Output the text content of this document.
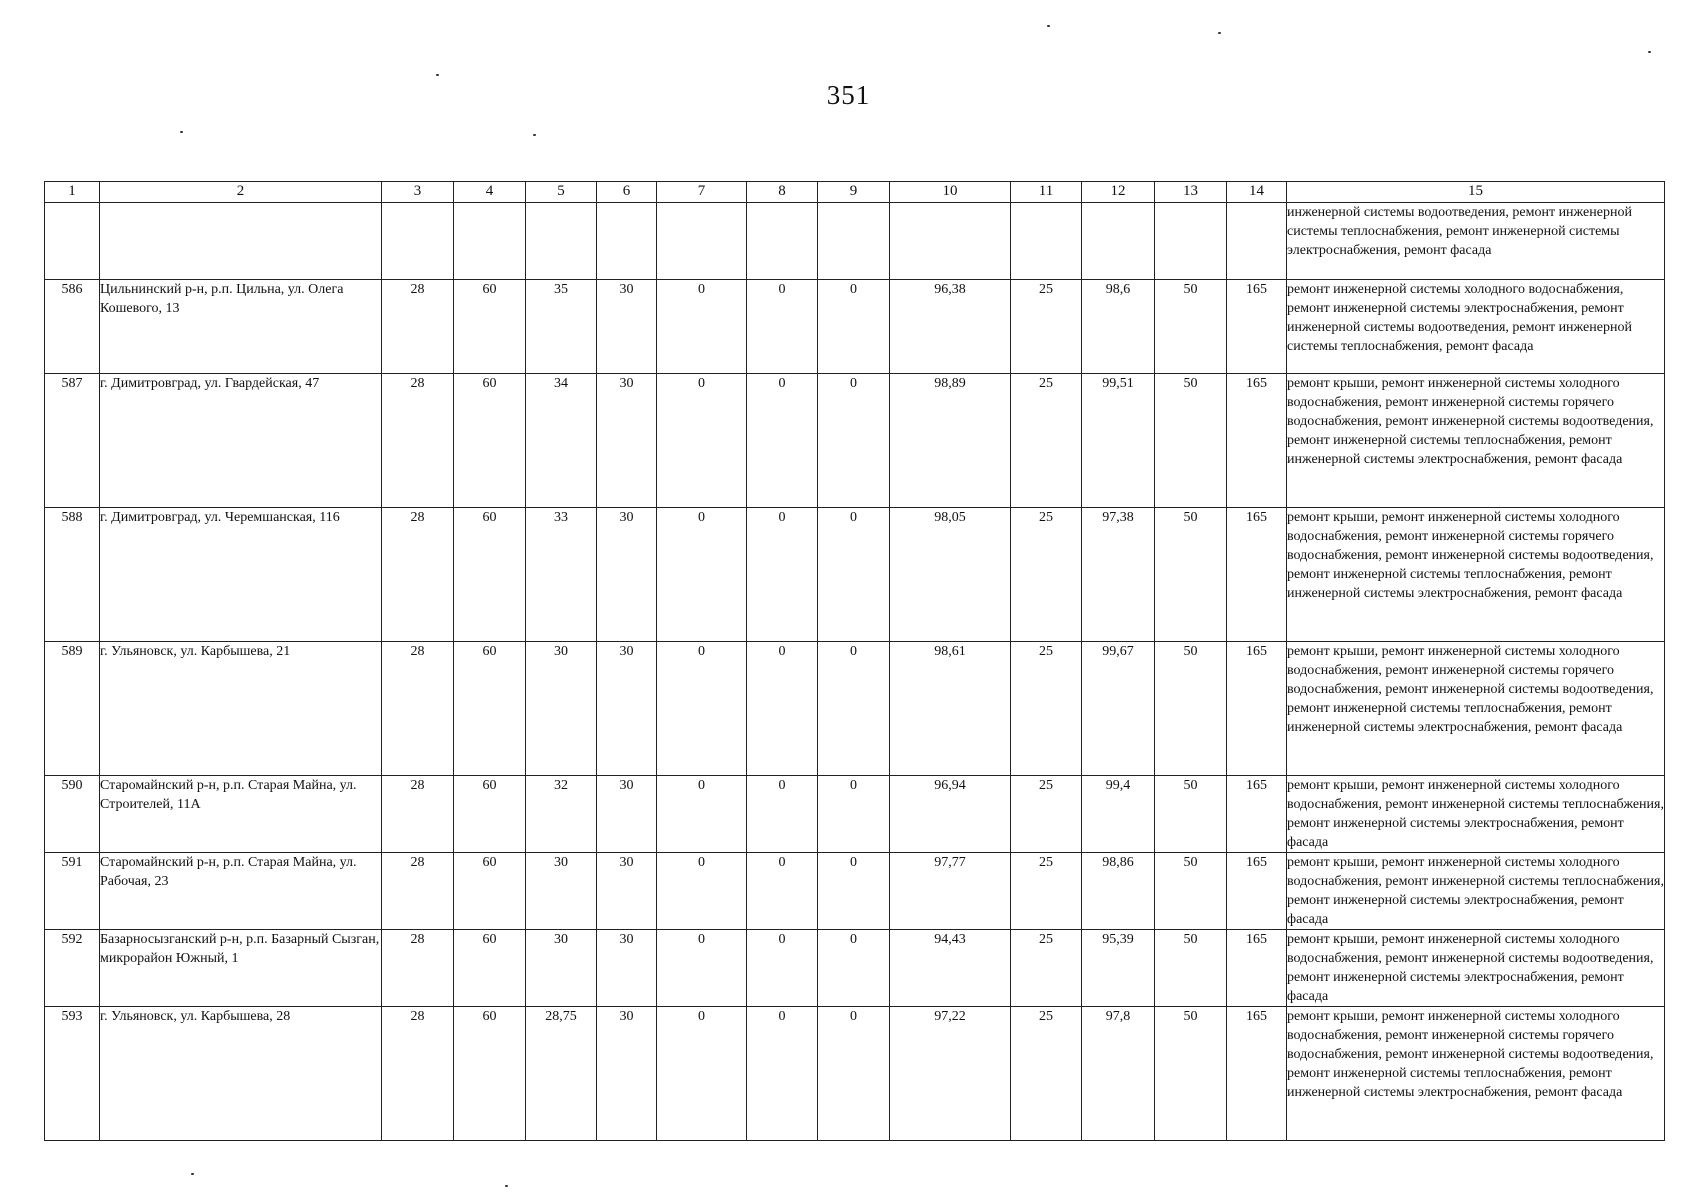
351
1	2	3	4	5	6	7	8	9	10	11	12	13	14	15
														инженерной системы водоотведения, ремонт инженерной системы теплоснабжения, ремонт инженерной системы электроснабжения, ремонт фасада
586	Цильнинский р-н, р.п. Цильна, ул. Олега Кошевого, 13	28	60	35	30	0	0	0	96,38	25	98,6	50	165	ремонт инженерной системы холодного водоснабжения, ремонт инженерной системы электроснабжения, ремонт инженерной системы водоотведения, ремонт инженерной системы теплоснабжения, ремонт фасада
587	г. Димитровград, ул. Гвардейская, 47	28	60	34	30	0	0	0	98,89	25	99,51	50	165	ремонт крыши, ремонт инженерной системы холодного водоснабжения, ремонт инженерной системы горячего водоснабжения, ремонт инженерной системы водоотведения, ремонт инженерной системы теплоснабжения, ремонт инженерной системы электроснабжения, ремонт фасада
588	г. Димитровград, ул. Черемшанская, 116	28	60	33	30	0	0	0	98,05	25	97,38	50	165	ремонт крыши, ремонт инженерной системы холодного водоснабжения, ремонт инженерной системы горячего водоснабжения, ремонт инженерной системы водоотведения, ремонт инженерной системы теплоснабжения, ремонт инженерной системы электроснабжения, ремонт фасада
589	г. Ульяновск, ул. Карбышева, 21	28	60	30	30	0	0	0	98,61	25	99,67	50	165	ремонт крыши, ремонт инженерной системы холодного водоснабжения, ремонт инженерной системы горячего водоснабжения, ремонт инженерной системы водоотведения, ремонт инженерной системы теплоснабжения, ремонт инженерной системы электроснабжения, ремонт фасада
590	Старомайнский р-н, р.п. Старая Майна, ул. Строителей, 11А	28	60	32	30	0	0	0	96,94	25	99,4	50	165	ремонт крыши, ремонт инженерной системы холодного водоснабжения, ремонт инженерной системы теплоснабжения, ремонт инженерной системы электроснабжения, ремонт фасада
591	Старомайнский р-н, р.п. Старая Майна, ул. Рабочая, 23	28	60	30	30	0	0	0	97,77	25	98,86	50	165	ремонт крыши, ремонт инженерной системы холодного водоснабжения, ремонт инженерной системы теплоснабжения, ремонт инженерной системы электроснабжения, ремонт фасада
592	Базарносызганский р-н, р.п. Базарный Сызган, микрорайон Южный, 1	28	60	30	30	0	0	0	94,43	25	95,39	50	165	ремонт крыши, ремонт инженерной системы холодного водоснабжения, ремонт инженерной системы водоотведения, ремонт инженерной системы электроснабжения, ремонт фасада
593	г. Ульяновск, ул. Карбышева, 28	28	60	28,75	30	0	0	0	97,22	25	97,8	50	165	ремонт крыши, ремонт инженерной системы холодного водоснабжения, ремонт инженерной системы горячего водоснабжения, ремонт инженерной системы водоотведения, ремонт инженерной системы теплоснабжения, ремонт инженерной системы электроснабжения, ремонт фасада
